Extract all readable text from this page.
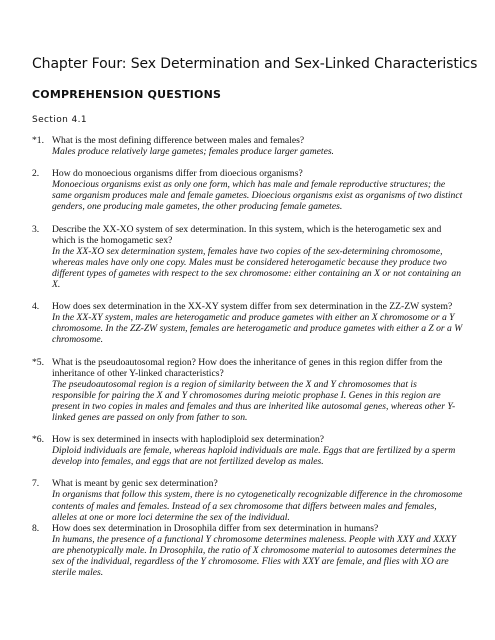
Chapter Four: Sex Determination and Sex-Linked Characteristics
COMPREHENSION QUESTIONS
Section 4.1
*1. What is the most defining difference between males and females?
Males produce relatively large gametes; females produce larger gametes.
2.	How do monoecious organisms differ from dioecious organisms?
Monoecious organisms exist as only one form, which has male and female reproductive structures; the same organism produces male and female gametes. Dioecious organisms exist as organisms of two distinct genders, one producing male gametes, the other producing female gametes.
3.	Describe the XX-XO system of sex determination. In this system, which is the heterogametic sex and which is the homogametic sex?
In the XX-XO sex determination system, females have two copies of the sex-determining chromosome, whereas males have only one copy. Males must be considered heterogametic because they produce two different types of gametes with respect to the sex chromosome: either containing an X or not containing an X.
4.	How does sex determination in the XX-XY system differ from sex determination in the ZZ-ZW system?
In the XX-XY system, males are heterogametic and produce gametes with either an X chromosome or a Y chromosome. In the ZZ-ZW system, females are heterogametic and produce gametes with either a Z or a W chromosome.
*5. What is the pseudoautosomal region? How does the inheritance of genes in this region differ from the inheritance of other Y-linked characteristics?
The pseudoautosomal region is a region of similarity between the X and Y chromosomes that is responsible for pairing the X and Y chromosomes during meiotic prophase I. Genes in this region are present in two copies in males and females and thus are inherited like autosomal genes, whereas other Y-linked genes are passed on only from father to son.
*6. How is sex determined in insects with haplodiploid sex determination?
Diploid individuals are female, whereas haploid individuals are male. Eggs that are fertilized by a sperm develop into females, and eggs that are not fertilized develop as males.
7.	What is meant by genic sex determination?
In organisms that follow this system, there is no cytogenetically recognizable difference in the chromosome contents of males and females. Instead of a sex chromosome that differs between males and females, alleles at one or more loci determine the sex of the individual.
8.	How does sex determination in Drosophila differ from sex determination in humans?
In humans, the presence of a functional Y chromosome determines maleness. People with XXY and XXXY are phenotypically male. In Drosophila, the ratio of X chromosome material to autosomes determines the sex of the individual, regardless of the Y chromosome. Flies with XXY are female, and flies with XO are sterile males.
